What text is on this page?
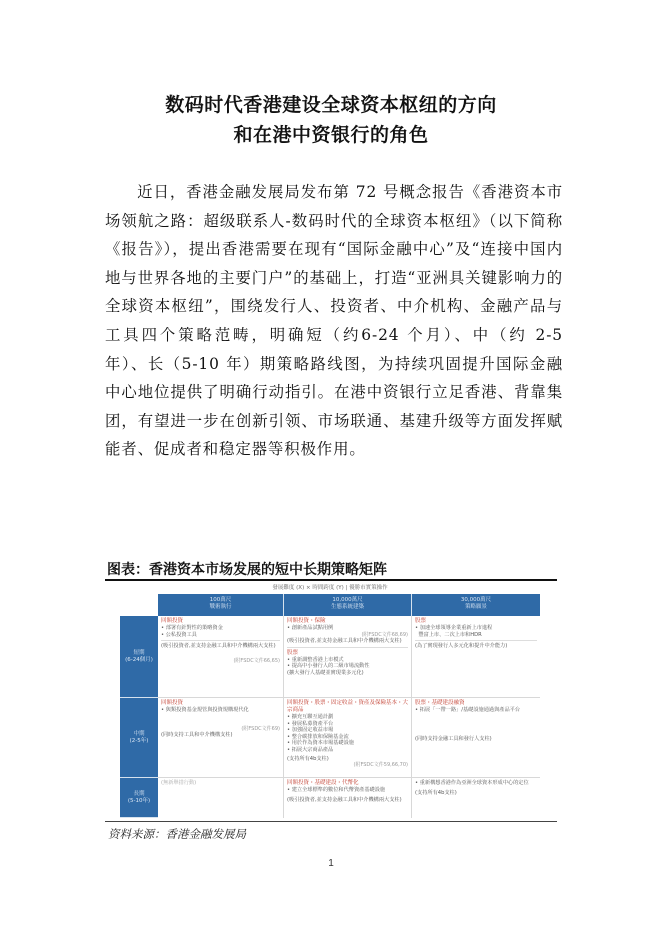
数码时代香港建设全球资本枢纽的方向
和在港中资银行的角色
近日，香港金融发展局发布第 72 号概念报告《香港资本市场领航之路：超级联系人-数码时代的全球资本枢纽》（以下简称《报告》），提出香港需要在现有“国际金融中心”及“连接中国内地与世界各地的主要门户”的基础上，打造“亚洲具关键影响力的全球资本枢纽”，围绕发行人、投资者、中介机构、金融产品与工具四个策略范畴，明确短（约6-24 个月）、中（约 2-5 年）、长（5-10 年）期策略路线图，为持续巩固提升国际金融中心地位提供了明确行动指引。在港中资银行立足香港、背靠集团，有望进一步在创新引领、市场联通、基建升级等方面发挥赋能者、促成者和稳定器等积极作用。
图表：香港资本市场发展的短中长期策略矩阵
發展難度 (X) × 時間跨度 (Y) | 優勝市實策操作
100萬尺
戰術執行
10,000萬尺
生態系統建築
30,000萬尺
策略願景
短期
(6-24個月)
中期
(2-5年)
長期
(5-10年)
回額投資
• 部署有針對性的策略資金
• 公私投資工具
(吸引投資者,並支持金融工具和中介機構兩大支柱)
(附FSDC文件66,65)
回額投資・保險
• 創新產品試點用例
(附FSDC文件68,69)
(吸引投資者,並支持金融工具和中介機構兩大支柱)
股票
• 重新調整香港上市模式
• 提高中小發行人的二級市場流動性
(擴大發行人基礎並實現業多元化)
股票
• 加速全球領導企業重新上市進程
豐富上市、二次上市和HDR
(為了實現發行人多元化和提升中介能力)
回額投資
• 與類投資基金規管與投資規購現代化
(附FSDC文件69)
(同時支持工具和中介機構支柱)
回額投資・股票・固定收益・資產及保險基本・大宗商品
• 擴充互聯互通計劃
• 發展私募資產平台
• 加強固定收益市場
• 整合碳排放和保險基金流
• 用於作為資本市場基礎設施
• 拓展大宗商品產品
(支持所有4b支柱)
(附FSDC文件59,66,70)
股票・基礎建設融資
• 拓展「一帶一路」/基礎設施通過與產品平台
(同時支持金融工具和發行人支柱)
(無新舉措行動)	回額投資・基礎建設・代幣化
• 建立全球標準的數位和代幣資產基礎設施
(吸引投資者,並支持金融工具和中介機構兩大支柱)
• 重新構想香港作為亞洲全球資本形成中心的定位
(支持所有4b支柱)
资料来源：香港金融发展局
1
